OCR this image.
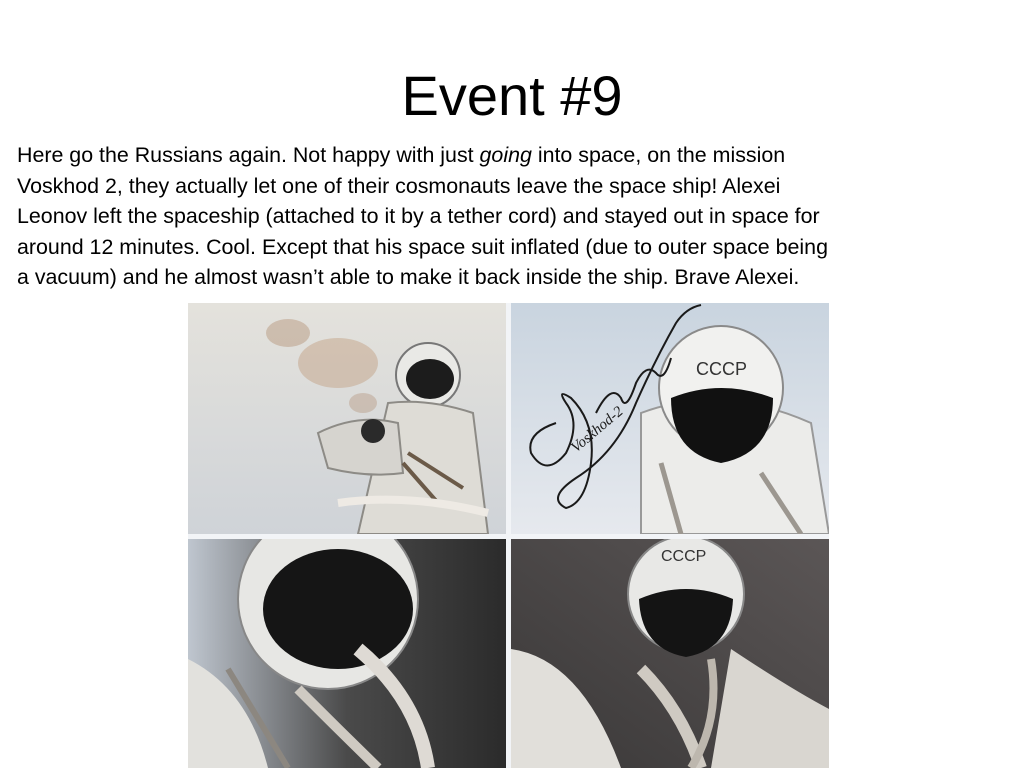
Event #9
Here go the Russians again. Not happy with just going into space, on the mission
Voskhod 2, they actually let one of their cosmonauts leave the space ship! Alexei
Leonov left the spaceship (attached to it by a tether cord) and stayed out in space for
around 12 minutes. Cool. Except that his space suit inflated (due to outer space being
a vacuum) and he almost wasn’t able to make it back inside the ship. Brave Alexei.
CCCP
CCCP
Voskhod-2
